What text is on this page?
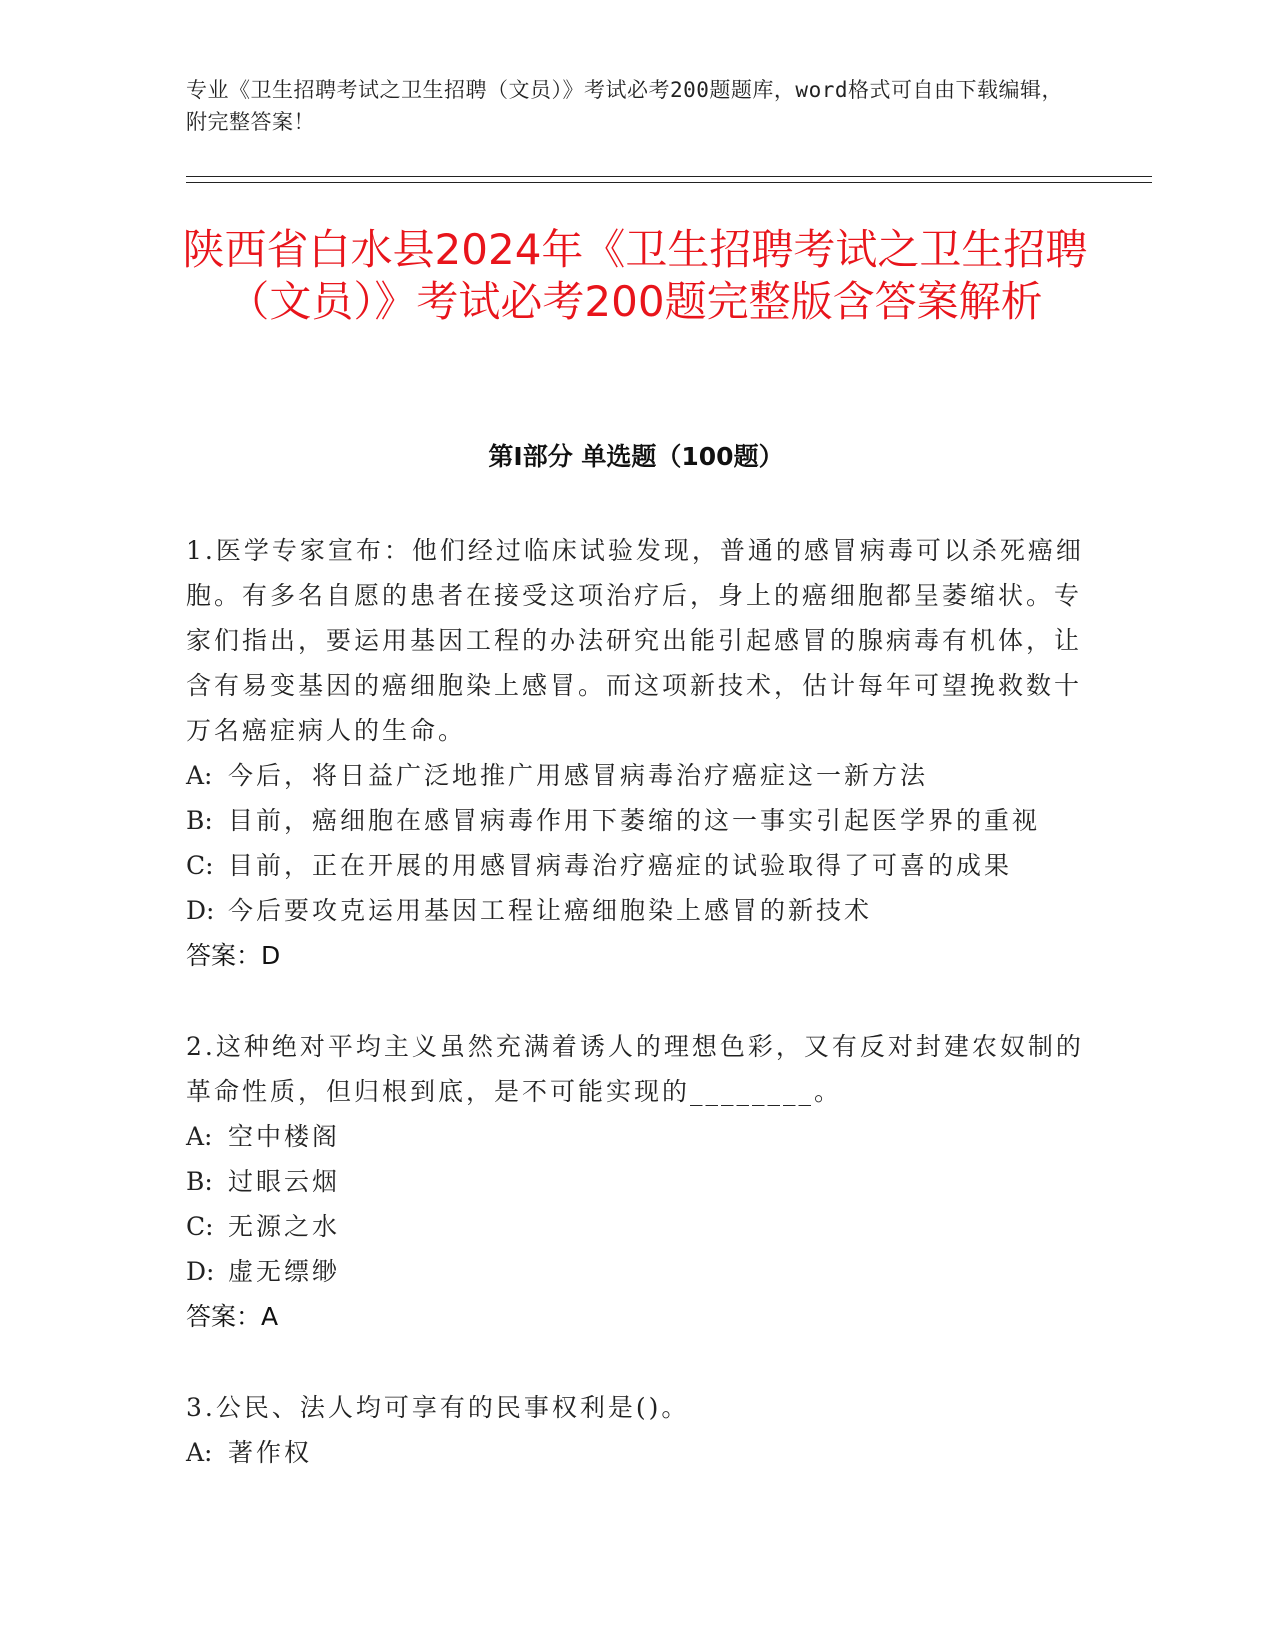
专业《卫生招聘考试之卫生招聘（文员）》考试必考200题题库，word格式可自由下载编辑，附完整答案！
陕西省白水县2024年《卫生招聘考试之卫生招聘（文员）》考试必考200题完整版含答案解析
第Ⅰ部分 单选题（100题）
1.医学专家宣布：他们经过临床试验发现，普通的感冒病毒可以杀死癌细胞。有多名自愿的患者在接受这项治疗后，身上的癌细胞都呈萎缩状。专家们指出，要运用基因工程的办法研究出能引起感冒的腺病毒有机体，让含有易变基因的癌细胞染上感冒。而这项新技术，估计每年可望挽救数十万名癌症病人的生命。
A: 今后，将日益广泛地推广用感冒病毒治疗癌症这一新方法
B: 目前，癌细胞在感冒病毒作用下萎缩的这一事实引起医学界的重视
C: 目前，正在开展的用感冒病毒治疗癌症的试验取得了可喜的成果
D: 今后要攻克运用基因工程让癌细胞染上感冒的新技术
答案：D
2.这种绝对平均主义虽然充满着诱人的理想色彩，又有反对封建农奴制的革命性质，但归根到底，是不可能实现的________。
A: 空中楼阁
B: 过眼云烟
C: 无源之水
D: 虚无缥缈
答案：A
3.公民、法人均可享有的民事权利是()。
A: 著作权
